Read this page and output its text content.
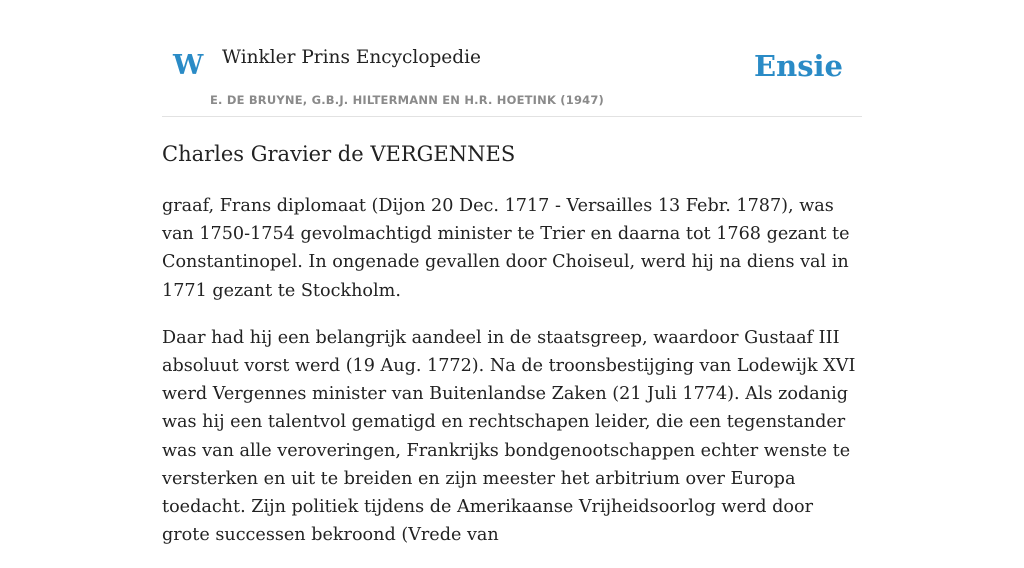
W Winkler Prins Encyclopedie
E. DE BRUYNE, G.B.J. HILTERMANN EN H.R. HOETINK (1947)
Ensie
Charles Gravier de VERGENNES

graaf, Frans diplomaat (Dijon 20 Dec. 1717 - Versailles 13 Febr. 1787), was van 1750-1754 gevolmachtigd minister te Trier en daarna tot 1768 gezant te Constantinopel. In ongenade gevallen door Choiseul, werd hij na diens val in 1771 gezant te Stockholm.

Daar had hij een belangrijk aandeel in de staatsgreep, waardoor Gustaaf III absoluut vorst werd (19 Aug. 1772). Na de troonsbestijging van Lodewijk XVI werd Vergennes minister van Buitenlandse Zaken (21 Juli 1774). Als zodanig was hij een talentvol gematigd en rechtschapen leider, die een tegenstander was van alle veroveringen, Frankrijks bondgenootschappen echter wenste te versterken en uit te breiden en zijn meester het arbitrium over Europa toedacht. Zijn politiek tijdens de Amerikaanse Vrijheidsoorlog werd door grote successen bekroond (Vrede van
